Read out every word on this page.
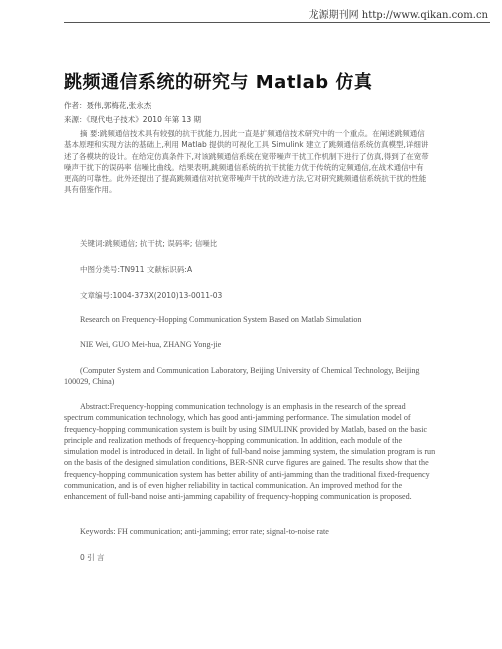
龙源期刊网 http://www.qikan.com.cn
跳频通信系统的研究与 Matlab 仿真
作者：聂伟,郭梅花,张永杰
来源：《现代电子技术》2010 年第 13 期
摘 要:跳频通信技术具有较强的抗干扰能力,因此一直是扩频通信技术研究中的一个重点。在阐述跳频通信基本原理和实现方法的基础上,利用 Matlab 提供的可视化工具 Simulink 建立了跳频通信系统仿真模型,详细讲述了各模块的设计。在给定仿真条件下,对该跳频通信系统在宽带噪声干扰工作机制下进行了仿真,得到了在宽带噪声干扰下的误码率 信噪比曲线。结果表明,跳频通信系统的抗干扰能力优于传统的定频通信,在战术通信中有更高的可靠性。此外还提出了提高跳频通信对抗宽带噪声干扰的改进方法,它对研究跳频通信系统抗干扰的性能具有借鉴作用。
关键词:跳频通信; 抗干扰; 误码率; 信噪比
中图分类号:TN911 文献标识码:A
文章编号:1004-373X(2010)13-0011-03
Research on Frequency-Hopping Communication System Based on Matlab Simulation
NIE Wei, GUO Mei-hua, ZHANG Yong-jie
(Computer System and Communication Laboratory, Beijing University of Chemical Technology, Beijing 100029, China)
Abstract:Frequency-hopping communication technology is an emphasis in the research of the spread spectrum communication technology, which has good anti-jamming performance. The simulation model of frequency-hopping communication system is built by using SIMULINK provided by Matlab, based on the basic principle and realization methods of frequency-hopping communication. In addition, each module of the simulation model is introduced in detail. In light of full-band noise jamming system, the simulation program is run on the basis of the designed simulation conditions, BER-SNR curve figures are gained. The results show that the frequency-hopping communication system has better ability of anti-jamming than the traditional fixed-frequency communication, and is of even higher reliability in tactical communication. An improved method for the enhancement of full-band noise anti-jamming capability of frequency-hopping communication is proposed.
Keywords: FH communication; anti-jamming; error rate; signal-to-noise rate
0 引 言
